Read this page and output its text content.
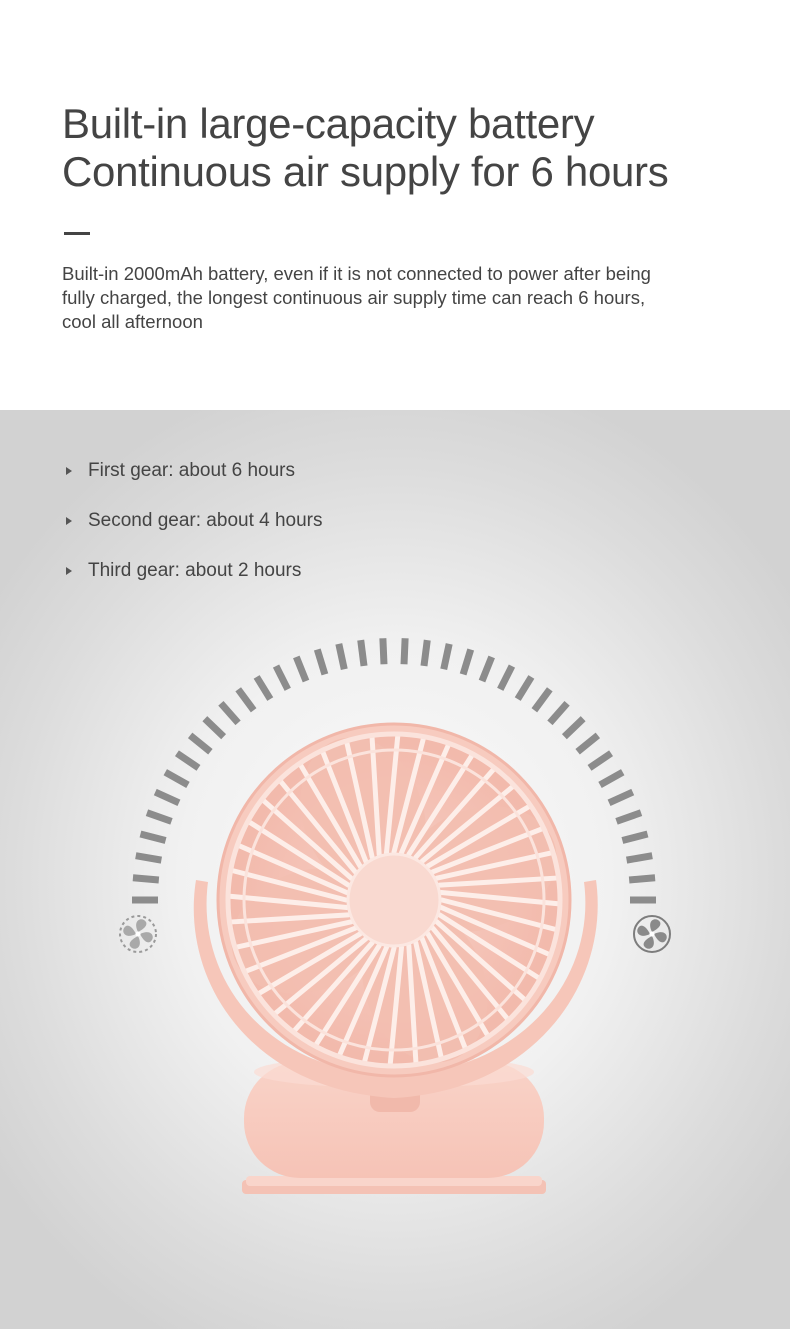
Built-in large-capacity battery
Continuous air supply for 6 hours

Built-in 2000mAh battery, even if it is not connected to power after being fully charged, the longest continuous air supply time can reach 6 hours, cool all afternoon

First gear: about 6 hours
Second gear: about 4 hours
Third gear: about 2 hours
